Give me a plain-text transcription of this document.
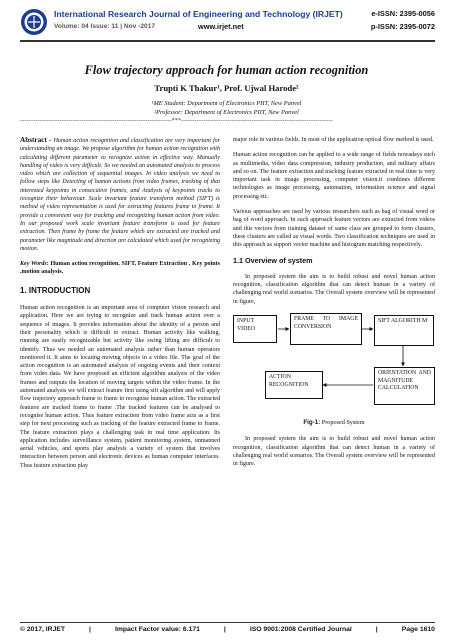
International Research Journal of Engineering and Technology (IRJET)	e-ISSN: 2395-0056
Volume: 04 Issue: 11 | Nov -2017	www.irjet.net	p-ISSN: 2395-0072
Flow trajectory approach for human action recognition
Trupti K Thakur¹, Prof. Ujwal Harode²
¹ME Student: Department of Electronics PIIT, New Panvel
²Professor: Department of Electronics PIIT, New Panvel
---------------------------------------------------------------------***---------------------------------------------------------------------

Abstract - Human action recognition and classification are very important for understanding an image. We propose algorithm for human action recognition with calculating different parameter to recognize action in effective way. Manually handling of video is very difficult. So we needed an automated analysis to process video which are collection of sequential images. In video analysis we need to follow steps like Detecting of human actions from video frames, tracking of that interested keypoints in consecutive frames, and Analysis of keypoints tracks to recognize their behaviour. Scale invariant feature transform method (SIFT) is method of video representation is used for extracting features frame to frame. It provide a convenient way for tracking and recognizing human action from video. In our proposed work scale invariant feature transform is used for feature extraction. Then frame by frame the feature which are extracted are tracked and parameter like magnitude and direction are calculated which used for recognizing motion.

Key Words: Human action recognition, SIFT, Feature Extraction , Key points ,motion analysis.

1. INTRODUCTION

Human action recognition is an important area of computer vision research and application. Here we are trying to recognize and track human action over a sequence of images. It provides information about the identity of a person and their personality which is difficult to extract. Human activity like walking, running are easily recognizable but activity like swing lifting are difficult to identify. Thus we needed an automated analysis rather than human operators monitored it. It aims to locating moving objects in a video file. The goal of the action recognition is an automated analysis of ongoing events and their context from video data. We have proposed an efficient algorithm analysis of the video frames and outputs the location of moving targets within the video frame. In the automated analysis we will extract feature first using sift algorithm and will apply flow trajectory approach frame to frame to recognise human action. The extracted features are tracked frame to frame .The tracked features can be analysed to recognise human action. Thus feature extraction from video frame acts as a first step for next processing such as tracking of the feature extracted frame to frame. The feature extraction plays a challenging task in real time application. Its application includes surveillance system, patient monitoring system, unmanned aerial vehicles, and sports play analysis a variety of system that involves interaction between person and electronic devices as human computer interfaces. Thus feature extraction play

major role in various fields. In most of the application optical flow method is used.

Human action recognition can be applied to a wide range of fields nowadays such as multimedia, video data compression, industry production, and military affairs and so on. The feature extraction and tracking feature extracted in real time is very important task in image processing, computer vision.it combines different technologies as image processing, automation, information science and signal processing etc.

Various approaches are used by various researchers such as bag of visual word or bag of word approach. In such approach feature vectors are extracted from videos and this vectors from training dataset of same class are grouped to form clusters, these clusters are called as visual words. Two classification techniques are used in this approach as support vector machine and histogram matching respectively.

1.1 Overview of system

In proposed system the aim is to build robust and novel human action recognition, classification algorithm that can detect human in a variety of challenging real world scenarios. The Overall system overview will be represented in figure,

INPUT VIDEO
FRAME TO IMAGE CONVERSION
SIFT ALGORITH M
ORIENTATION AND MAGNITUDE CALCULATION
ACTION RECOGNITION
Fig-1: Proposed System

In proposed system the aim is to build robust and novel human action recognition, classification algorithm that can detect human in a variety of challenging real world scenarios. The Overall system overview will be represented in figure.

© 2017, IRJET	|	Impact Factor value: 6.171	|	ISO 9001:2008 Certified Journal	|	Page 1610
